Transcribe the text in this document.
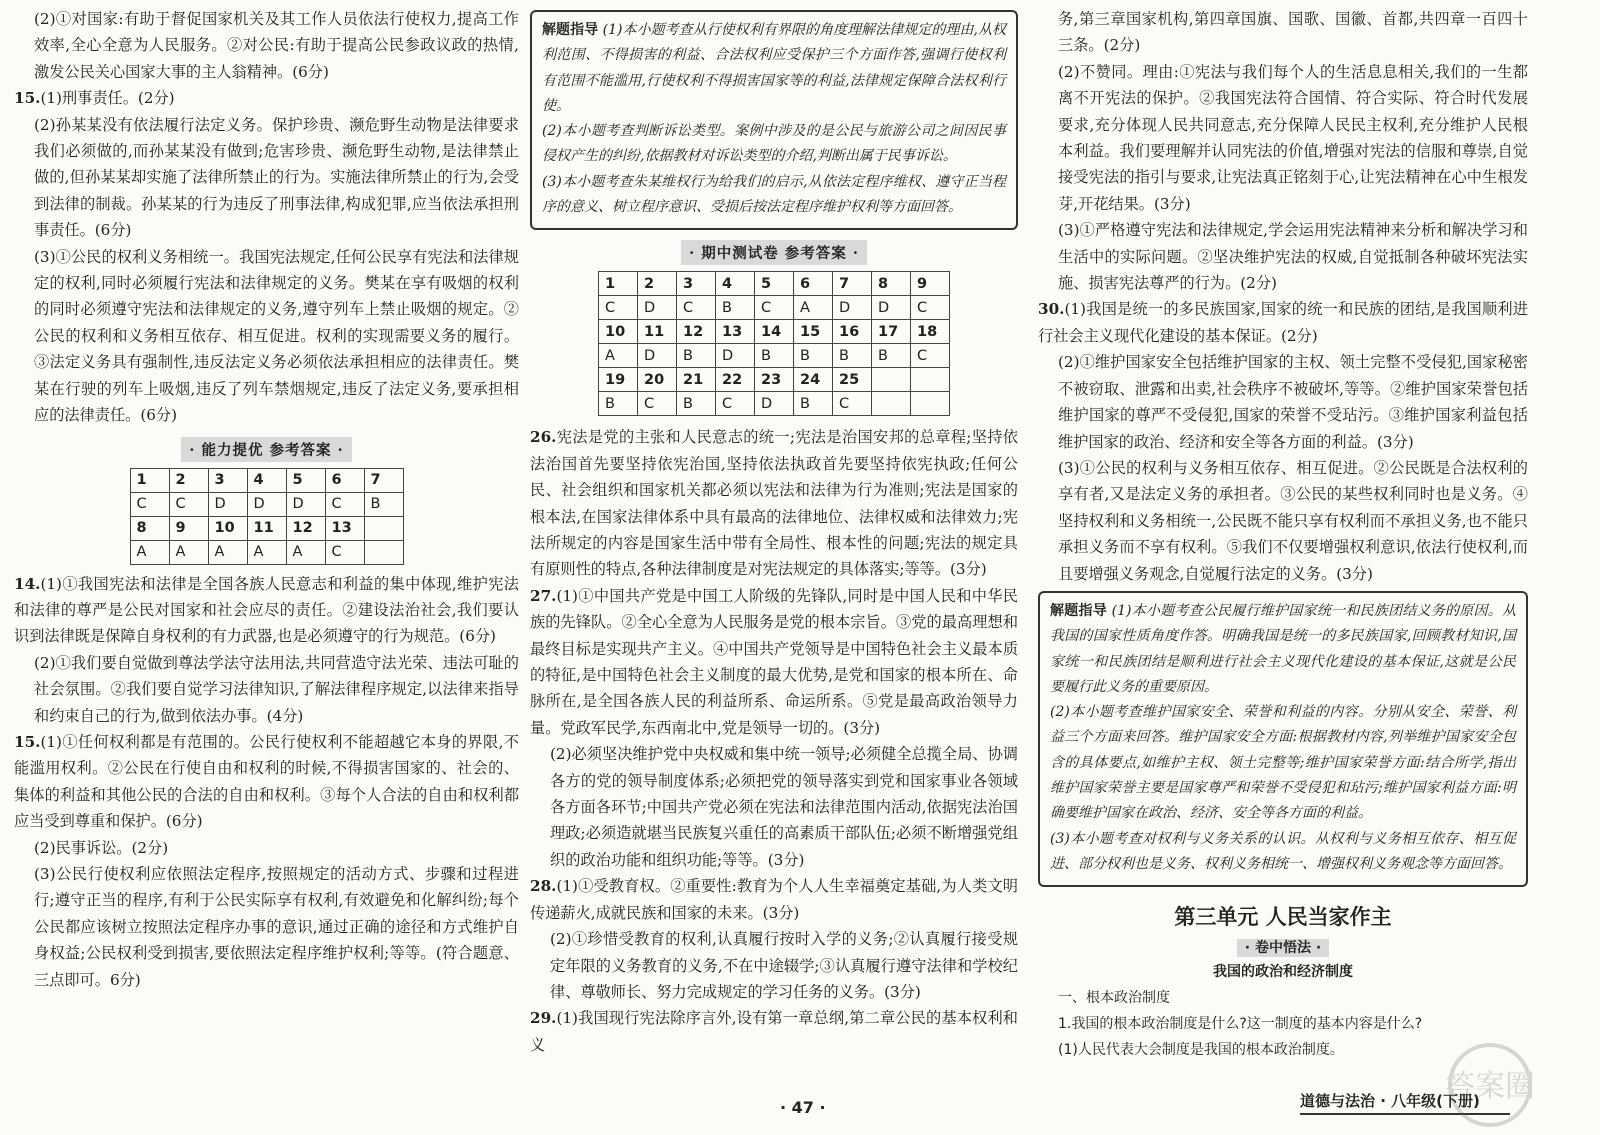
(2)①对国家:有助于督促国家机关及其工作人员依法行使权力,提高工作效率,全心全意为人民服务。②对公民:有助于提高公民参政议政的热情,激发公民关心国家大事的主人翁精神。(6分)

15.(1)刑事责任。(2分)

(2)孙某某没有依法履行法定义务。保护珍贵、濒危野生动物是法律要求我们必须做的,而孙某某没有做到;危害珍贵、濒危野生动物,是法律禁止做的,但孙某某却实施了法律所禁止的行为。实施法律所禁止的行为,会受到法律的制裁。孙某某的行为违反了刑事法律,构成犯罪,应当依法承担刑事责任。(6分)

(3)①公民的权利义务相统一。我国宪法规定,任何公民享有宪法和法律规定的权利,同时必须履行宪法和法律规定的义务。樊某在享有吸烟的权利的同时必须遵守宪法和法律规定的义务,遵守列车上禁止吸烟的规定。②公民的权利和义务相互依存、相互促进。权利的实现需要义务的履行。③法定义务具有强制性,违反法定义务必须依法承担相应的法律责任。樊某在行驶的列车上吸烟,违反了列车禁烟规定,违反了法定义务,要承担相应的法律责任。(6分)

· 能力提优 参考答案 ·
1	2	3	4	5	6	7
C	C	D	D	D	C	B
8	9	10	11	12	13	
A	A	A	A	A	C	

14.(1)①我国宪法和法律是全国各族人民意志和利益的集中体现,维护宪法和法律的尊严是公民对国家和社会应尽的责任。②建设法治社会,我们要认识到法律既是保障自身权利的有力武器,也是必须遵守的行为规范。(6分)

(2)①我们要自觉做到尊法学法守法用法,共同营造守法光荣、违法可耻的社会氛围。②我们要自觉学习法律知识,了解法律程序规定,以法律来指导和约束自己的行为,做到依法办事。(4分)

15.(1)①任何权利都是有范围的。公民行使权利不能超越它本身的界限,不能滥用权利。②公民在行使自由和权利的时候,不得损害国家的、社会的、集体的利益和其他公民的合法的自由和权利。③每个人合法的自由和权利都应当受到尊重和保护。(6分)

(2)民事诉讼。(2分)

(3)公民行使权利应依照法定程序,按照规定的活动方式、步骤和过程进行;遵守正当的程序,有利于公民实际享有权利,有效避免和化解纠纷;每个公民都应该树立按照法定程序办事的意识,通过正确的途径和方式维护自身权益;公民权利受到损害,要依照法定程序维护权利;等等。(符合题意、三点即可。6分)

解题指导 (1)本小题考查从行使权利有界限的角度理解法律规定的理由,从权利范围、不得损害的利益、合法权利应受保护三个方面作答,强调行使权利有范围不能滥用,行使权利不得损害国家等的利益,法律规定保障合法权利行使。

(2)本小题考查判断诉讼类型。案例中涉及的是公民与旅游公司之间因民事侵权产生的纠纷,依据教材对诉讼类型的介绍,判断出属于民事诉讼。

(3)本小题考查朱某维权行为给我们的启示,从依法定程序维权、遵守正当程序的意义、树立程序意识、受损后按法定程序维护权利等方面回答。

· 期中测试卷 参考答案 ·
1	2	3	4	5	6	7	8	9
C	D	C	B	C	A	D	D	C
10	11	12	13	14	15	16	17	18
A	D	B	D	B	B	B	B	C
19	20	21	22	23	24	25		
B	C	B	C	D	B	C		

26.宪法是党的主张和人民意志的统一;宪法是治国安邦的总章程;坚持依法治国首先要坚持依宪治国,坚持依法执政首先要坚持依宪执政;任何公民、社会组织和国家机关都必须以宪法和法律为行为准则;宪法是国家的根本法,在国家法律体系中具有最高的法律地位、法律权威和法律效力;宪法所规定的内容是国家生活中带有全局性、根本性的问题;宪法的规定具有原则性的特点,各种法律制度是对宪法规定的具体落实;等等。(3分)

27.(1)①中国共产党是中国工人阶级的先锋队,同时是中国人民和中华民族的先锋队。②全心全意为人民服务是党的根本宗旨。③党的最高理想和最终目标是实现共产主义。④中国共产党领导是中国特色社会主义最本质的特征,是中国特色社会主义制度的最大优势,是党和国家的根本所在、命脉所在,是全国各族人民的利益所系、命运所系。⑤党是最高政治领导力量。党政军民学,东西南北中,党是领导一切的。(3分)

(2)必须坚决维护党中央权威和集中统一领导;必须健全总揽全局、协调各方的党的领导制度体系;必须把党的领导落实到党和国家事业各领域各方面各环节;中国共产党必须在宪法和法律范围内活动,依据宪法治国理政;必须造就堪当民族复兴重任的高素质干部队伍;必须不断增强党组织的政治功能和组织功能;等等。(3分)

28.(1)①受教育权。②重要性:教育为个人人生幸福奠定基础,为人类文明传递薪火,成就民族和国家的未来。(3分)

(2)①珍惜受教育的权利,认真履行按时入学的义务;②认真履行接受规定年限的义务教育的义务,不在中途辍学;③认真履行遵守法律和学校纪律、尊敬师长、努力完成规定的学习任务的义务。(3分)

29.(1)我国现行宪法除序言外,设有第一章总纲,第二章公民的基本权利和义

务,第三章国家机构,第四章国旗、国歌、国徽、首都,共四章一百四十三条。(2分)

(2)不赞同。理由:①宪法与我们每个人的生活息息相关,我们的一生都离不开宪法的保护。②我国宪法符合国情、符合实际、符合时代发展要求,充分体现人民共同意志,充分保障人民民主权利,充分维护人民根本利益。我们要理解并认同宪法的价值,增强对宪法的信服和尊崇,自觉接受宪法的指引与要求,让宪法真正铭刻于心,让宪法精神在心中生根发芽,开花结果。(3分)

(3)①严格遵守宪法和法律规定,学会运用宪法精神来分析和解决学习和生活中的实际问题。②坚决维护宪法的权威,自觉抵制各种破坏宪法实施、损害宪法尊严的行为。(2分)

30.(1)我国是统一的多民族国家,国家的统一和民族的团结,是我国顺利进行社会主义现代化建设的基本保证。(2分)

(2)①维护国家安全包括维护国家的主权、领土完整不受侵犯,国家秘密不被窃取、泄露和出卖,社会秩序不被破坏,等等。②维护国家荣誉包括维护国家的尊严不受侵犯,国家的荣誉不受玷污。③维护国家利益包括维护国家的政治、经济和安全等各方面的利益。(3分)

(3)①公民的权利与义务相互依存、相互促进。②公民既是合法权利的享有者,又是法定义务的承担者。③公民的某些权利同时也是义务。④坚持权利和义务相统一,公民既不能只享有权利而不承担义务,也不能只承担义务而不享有权利。⑤我们不仅要增强权利意识,依法行使权利,而且要增强义务观念,自觉履行法定的义务。(3分)

解题指导 (1)本小题考查公民履行维护国家统一和民族团结义务的原因。从我国的国家性质角度作答。明确我国是统一的多民族国家,回顾教材知识,国家统一和民族团结是顺利进行社会主义现代化建设的基本保证,这就是公民要履行此义务的重要原因。

(2)本小题考查维护国家安全、荣誉和利益的内容。分别从安全、荣誉、利益三个方面来回答。维护国家安全方面:根据教材内容,列举维护国家安全包含的具体要点,如维护主权、领土完整等;维护国家荣誉方面:结合所学,指出维护国家荣誉主要是国家尊严和荣誉不受侵犯和玷污;维护国家利益方面:明确要维护国家在政治、经济、安全等各方面的利益。

(3)本小题考查对权利与义务关系的认识。从权利与义务相互依存、相互促进、部分权利也是义务、权利义务相统一、增强权利义务观念等方面回答。

第三单元 人民当家作主
· 卷中悟法 ·
我国的政治和经济制度

一、根本政治制度

1.我国的根本政治制度是什么?这一制度的基本内容是什么?

(1)人民代表大会制度是我国的根本政治制度。

· 47 ·	道德与法治 · 八年级(下册)
答案圈
